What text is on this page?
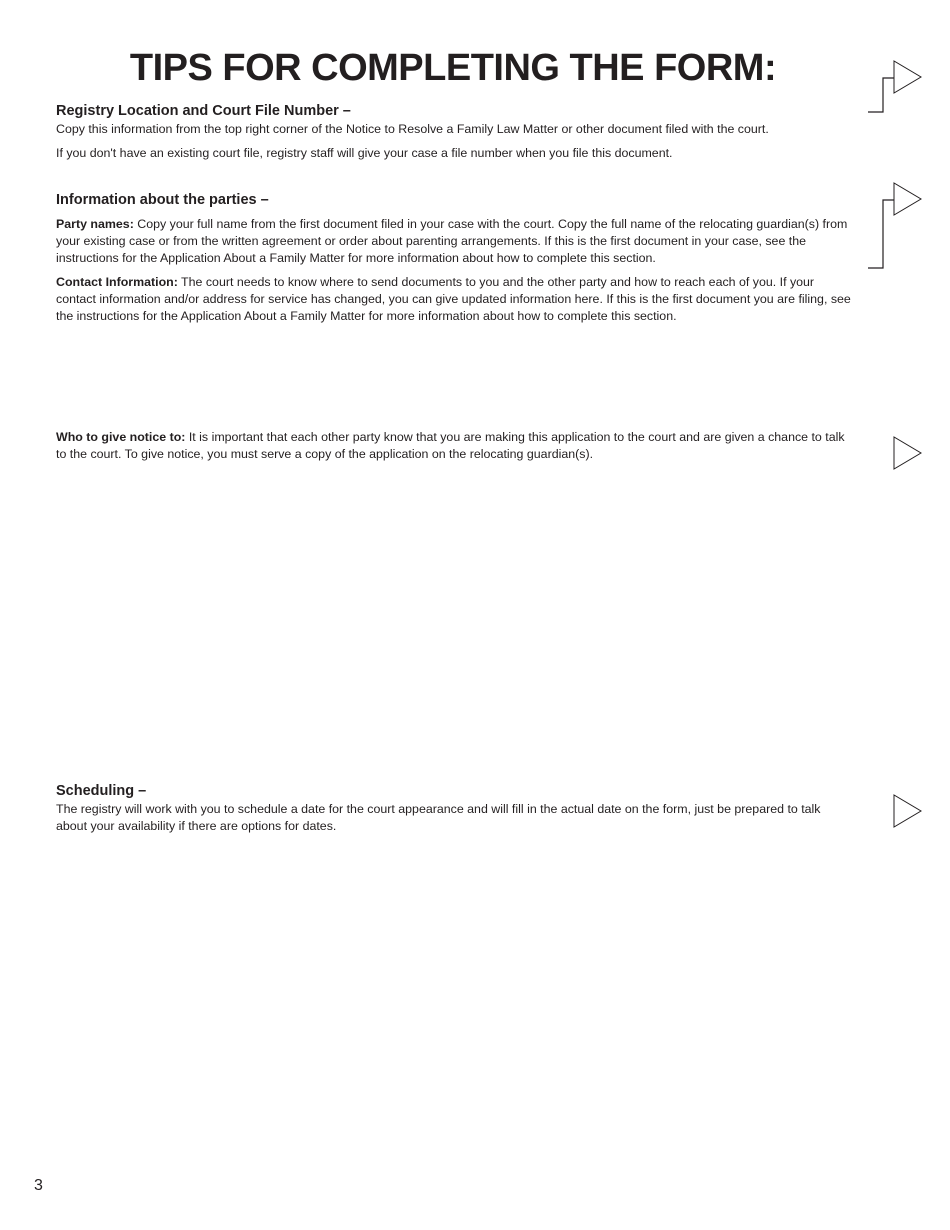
TIPS FOR COMPLETING THE FORM:

Registry Location and Court File Number –

Copy this information from the top right corner of the Notice to Resolve a Family Law Matter or other document filed with the court.

If you don't have an existing court file, registry staff will give your case a file number when you file this document.

Information about the parties –

Party names: Copy your full name from the first document filed in your case with the court. Copy the full name of the relocating guardian(s) from your existing case or from the written agreement or order about parenting arrangements. If this is the first document in your case, see the instructions for the Application About a Family Matter for more information about how to complete this section.

Contact Information: The court needs to know where to send documents to you and the other party and how to reach each of you. If your contact information and/or address for service has changed, you can give updated information here. If this is the first document you are filing, see the instructions for the Application About a Family Matter for more information about how to complete this section.

Who to give notice to: It is important that each other party know that you are making this application to the court and are given a chance to talk to the court. To give notice, you must serve a copy of the application on the relocating guardian(s).

Scheduling –

The registry will work with you to schedule a date for the court appearance and will fill in the actual date on the form, just be prepared to talk about your availability if there are options for dates.

3
